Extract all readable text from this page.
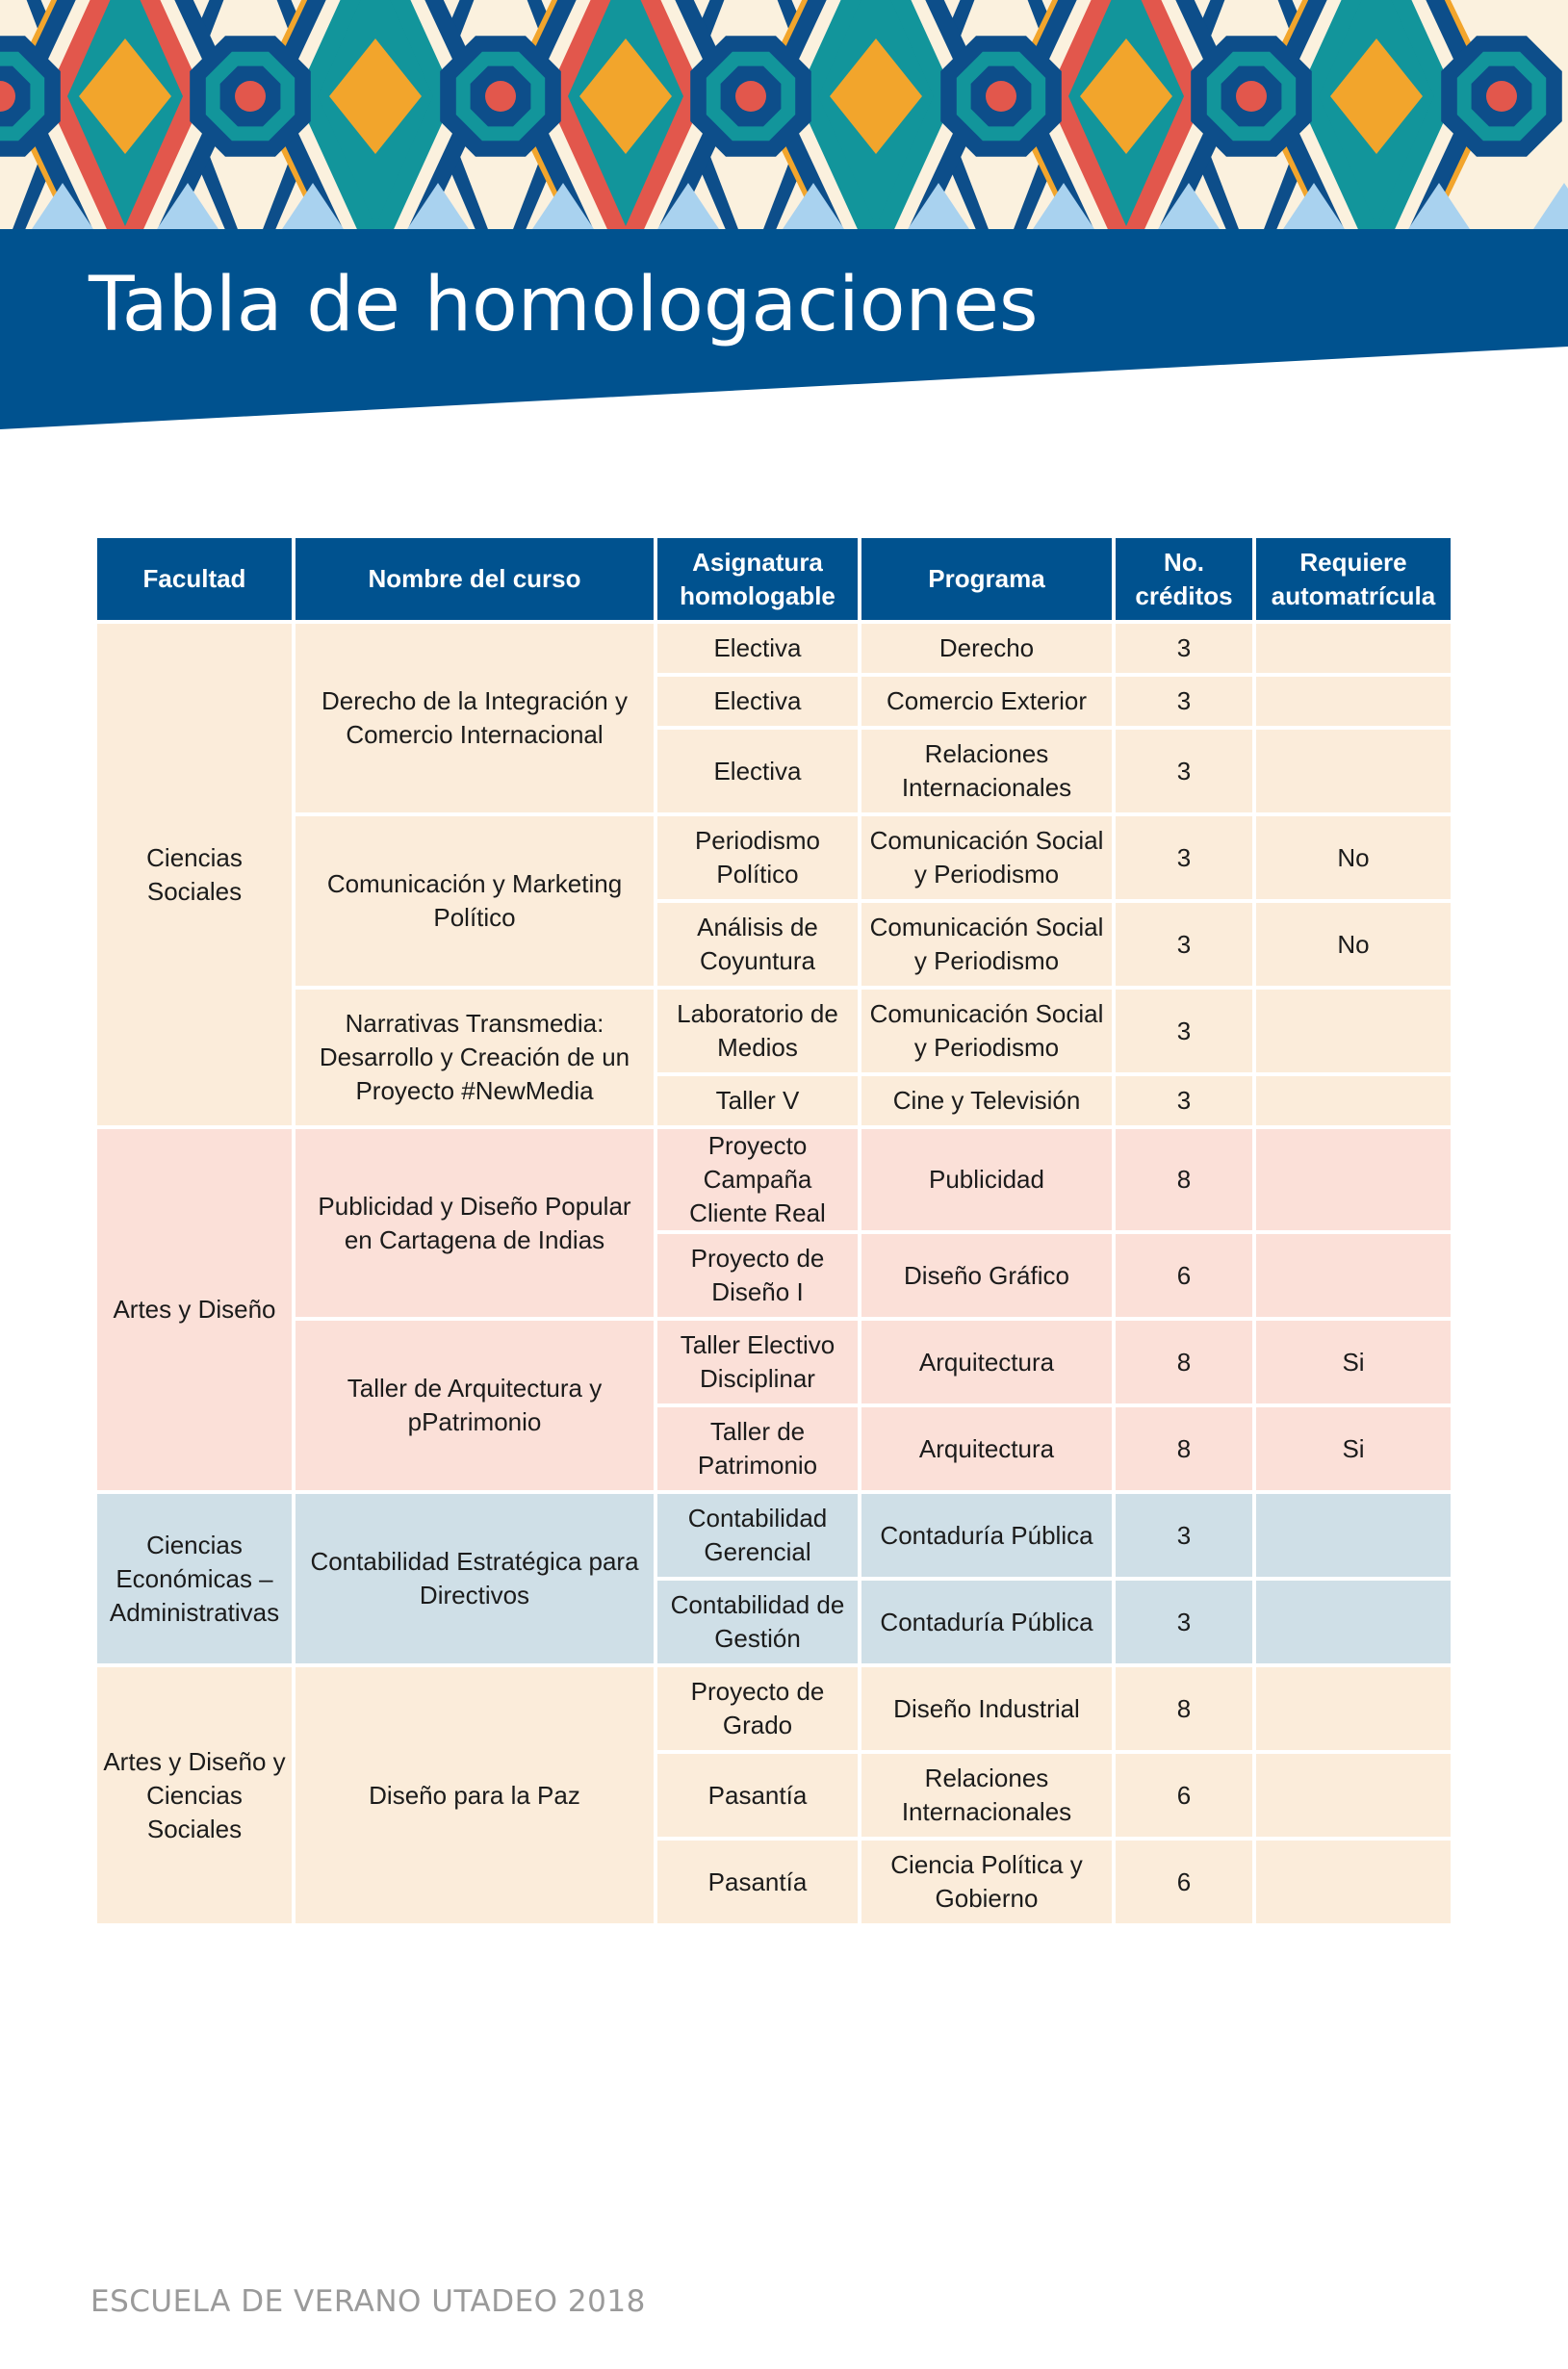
Tabla de homologaciones
Facultad	Nombre del curso	Asignatura homologable	Programa	No. créditos	Requiere automatrícula
Ciencias Sociales	Derecho de la Integración y Comercio Internacional	Electiva	Derecho	3	
		Electiva	Comercio Exterior	3	
		Electiva	Relaciones Internacionales	3	
	Comunicación y Marketing Político	Periodismo Político	Comunicación Social y Periodismo	3	No
		Análisis de Coyuntura	Comunicación Social y Periodismo	3	No
	Narrativas Transmedia: Desarrollo y Creación de un Proyecto #NewMedia	Laboratorio de Medios	Comunicación Social y Periodismo	3	
		Taller V	Cine y Televisión	3	
Artes y Diseño	Publicidad y Diseño Popular en Cartagena de Indias	Proyecto Campaña Cliente Real	Publicidad	8	
		Proyecto de Diseño I	Diseño Gráfico	6	
	Taller de Arquitectura y pPatrimonio	Taller Electivo Disciplinar	Arquitectura	8	Si
		Taller de Patrimonio	Arquitectura	8	Si
Ciencias Económicas – Administrativas	Contabilidad Estratégica para Directivos	Contabilidad Gerencial	Contaduría Pública	3	
		Contabilidad de Gestión	Contaduría Pública	3	
Artes y Diseño y Ciencias Sociales	Diseño para la Paz	Proyecto de Grado	Diseño Industrial	8	
		Pasantía	Relaciones Internacionales	6	
		Pasantía	Ciencia Política y Gobierno	6	
ESCUELA DE VERANO UTADEO 2018
